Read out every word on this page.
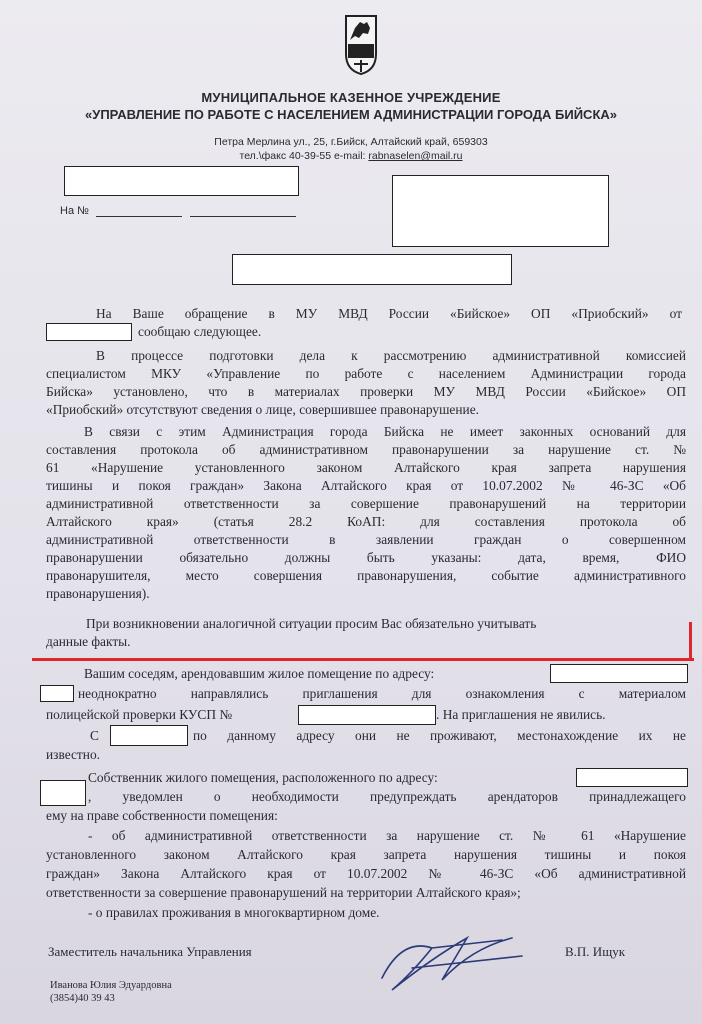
МУНИЦИПАЛЬНОЕ КАЗЕННОЕ УЧРЕЖДЕНИЕ
«УПРАВЛЕНИЕ ПО РАБОТЕ С НАСЕЛЕНИЕМ АДМИНИСТРАЦИИ ГОРОДА БИЙСКА»
Петра Мерлина ул., 25, г.Бийск, Алтайский край, 659303
тел.\факс 40-39-55 e-mail: rabnaselen@mail.ru
На №
На Ваше обращение в МУ МВД России «Бийское» ОП «Приобский» от
сообщаю следующее.
В процессе подготовки дела к рассмотрению административной комиссией
специалистом МКУ «Управление по работе с населением Администрации города
Бийска» установлено, что в материалах проверки МУ МВД России «Бийское» ОП
«Приобский» отсутствуют сведения о лице, совершившее правонарушение.
В связи с этим Администрация города Бийска не имеет законных оснований для
составления протокола об административном правонарушении за нарушение ст. №
61 «Нарушение установленного законом Алтайского края запрета нарушения
тишины и покоя граждан» Закона Алтайского края от 10.07.2002 № 46-ЗС «Об
административной ответственности за совершение правонарушений на территории
Алтайского края» (статья 28.2 КоАП: для составления протокола об
административной ответственности в заявлении граждан о совершенном
правонарушении обязательно должны быть указаны: дата, время, ФИО
правонарушителя, место совершения правонарушения, событие административного
правонарушения).
При возникновении аналогичной ситуации просим Вас обязательно учитывать
данные факты.
Вашим соседям, арендовавшим жилое помещение по адресу:
неоднократно направлялись приглашения для ознакомления с материалом
полицейской проверки КУСП №	. На приглашения не явились.
С	по данному адресу они не проживают, местонахождение их не
известно.
Собственник жилого помещения, расположенного по адресу:
, уведомлен о необходимости предупреждать арендаторов принадлежащего
ему на праве собственности помещения:
- об административной ответственности за нарушение ст. № 61 «Нарушение
установленного законом Алтайского края запрета нарушения тишины и покоя
граждан» Закона Алтайского края от 10.07.2002 № 46-ЗС «Об административной
ответственности за совершение правонарушений на территории Алтайского края»;
- о правилах проживания в многоквартирном доме.
Заместитель начальника Управления	В.П. Ищук
Иванова Юлия Эдуардовна
(3854)40 39 43
